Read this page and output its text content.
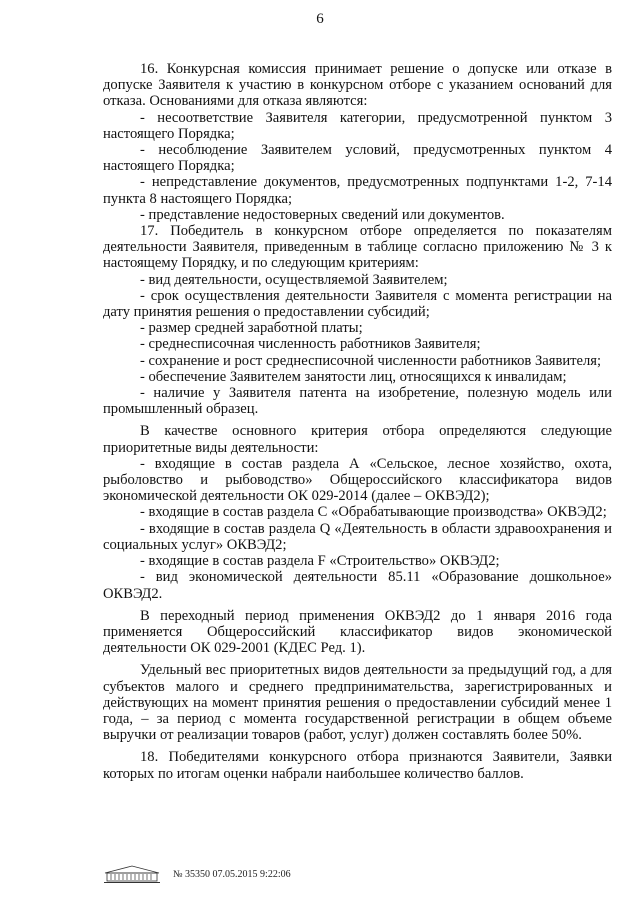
6

16. Конкурсная комиссия принимает решение о допуске или отказе в допуске Заявителя к участию в конкурсном отборе с указанием оснований для отказа. Основаниями для отказа являются:

- несоответствие Заявителя категории, предусмотренной пунктом 3 настоящего Порядка;

- несоблюдение Заявителем условий, предусмотренных пунктом 4 настоящего Порядка;

- непредставление документов, предусмотренных подпунктами 1-2, 7-14 пункта 8 настоящего Порядка;

- представление недостоверных сведений или документов.

17. Победитель в конкурсном отборе определяется по показателям деятельности Заявителя, приведенным в таблице согласно приложению № 3 к настоящему Порядку, и по следующим критериям:

- вид деятельности, осуществляемой Заявителем;

- срок осуществления деятельности Заявителя с момента регистрации на дату принятия решения о предоставлении субсидий;

- размер средней заработной платы;

- среднесписочная численность работников Заявителя;

- сохранение и рост среднесписочной численности работников Заявителя;

- обеспечение Заявителем занятости лиц, относящихся к инвалидам;

- наличие у Заявителя патента на изобретение, полезную модель или промышленный образец.

В качестве основного критерия отбора определяются следующие приоритетные виды деятельности:

- входящие в состав раздела А «Сельское, лесное хозяйство, охота, рыболовство и рыбоводство» Общероссийского классификатора видов экономической деятельности ОК 029-2014 (далее – ОКВЭД2);

- входящие в состав раздела С «Обрабатывающие производства» ОКВЭД2;

- входящие в состав раздела Q «Деятельность в области здравоохранения и социальных услуг» ОКВЭД2;

- входящие в состав раздела F «Строительство» ОКВЭД2;

- вид экономической деятельности 85.11 «Образование дошкольное» ОКВЭД2.

В переходный период применения ОКВЭД2 до 1 января 2016 года применяется Общероссийский классификатор видов экономической деятельности ОК 029-2001 (КДЕС Ред. 1).

Удельный вес приоритетных видов деятельности за предыдущий год, а для субъектов малого и среднего предпринимательства, зарегистрированных и действующих на момент принятия решения о предоставлении субсидий менее 1 года, – за период с момента государственной регистрации в общем объеме выручки от реализации товаров (работ, услуг) должен составлять более 50%.

18. Победителями конкурсного отбора признаются Заявители, Заявки которых по итогам оценки набрали наибольшее количество баллов.

№ 35350 07.05.2015 9:22:06
